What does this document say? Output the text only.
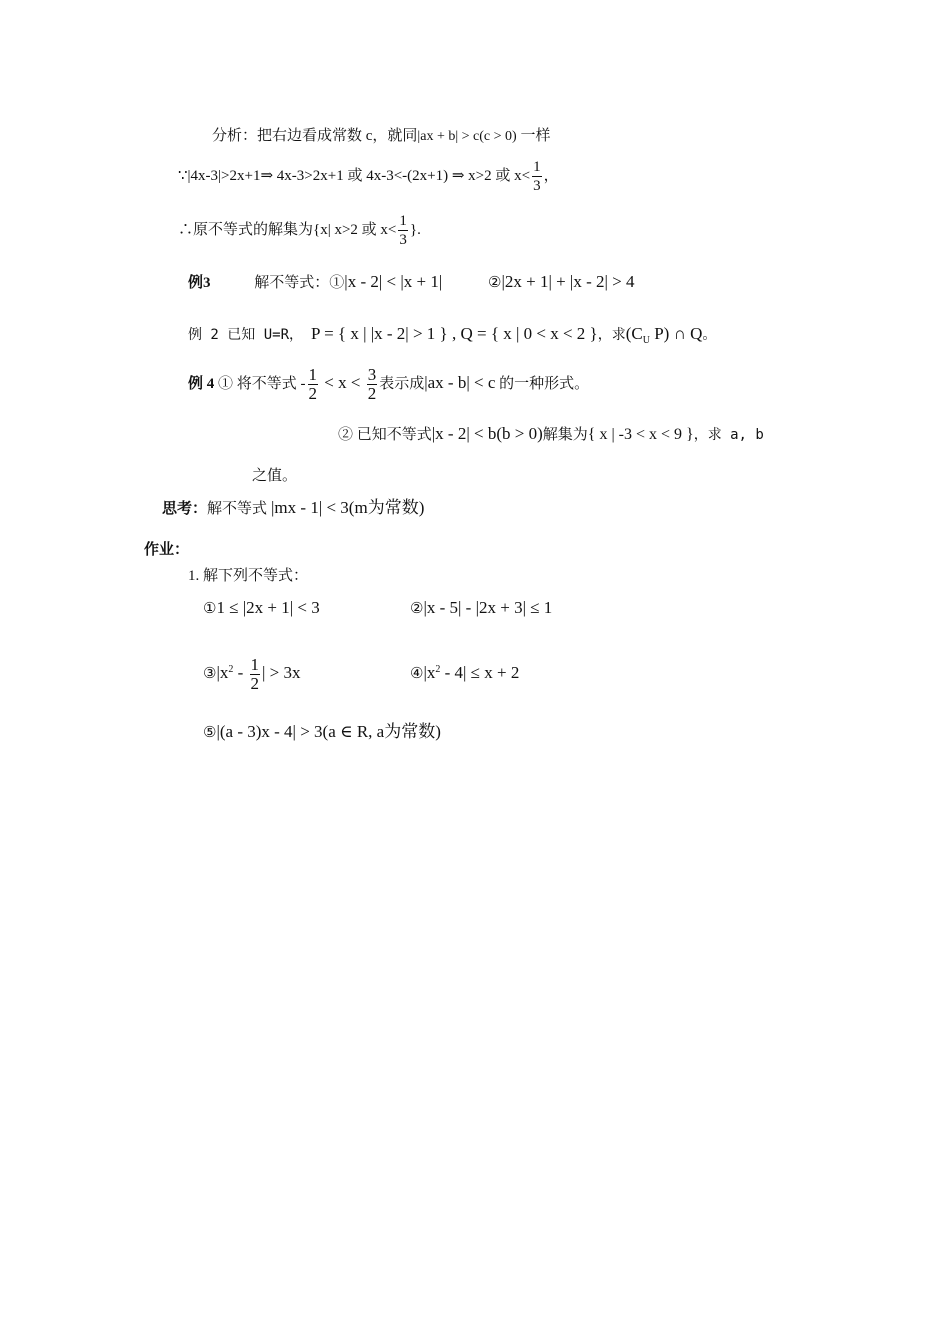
分析：把右边看成常数 c，就同|ax + b| > c(c > 0) 一样
∵|4x-3|>2x+1⇒ 4x-3>2x+1 或 4x-3<-(2x+1) ⇒ x>2 或 $x< \frac{1}{3}$ ，
∴原不等式的解集为{x| x>2 或 $x< \frac{1}{3}$ }.
例3	解不等式：①|x - 2| < |x + 1|	②|2x + 1| + |x - 2| > 4
例 2 已知 U=R， P = { x | |x - 2| > 1 } , Q = { x | 0 < x < 2 }，求($C_U$ P) ∩ Q。
例 4 ① 将不等式 - $\frac{1}{2} < x < \frac{3}{2}$ 表示成|ax - b| < c 的一种形式。
② 已知不等式|x - 2| < b(b > 0)解集为{ x | -3 < x < 9 }，求 a, b
之值。
思考：解不等式 |mx - 1| < 3(m为常数)
作业：
1. 解下列不等式：
①1 ≤ |2x + 1| < 3	②|x - 5| - |2x + 3| ≤ 1
$③|x^2 - \frac{1}{2}$ | > 3x	$④|x^2 - 4| \le x + 2$
⑤|(a - 3)x - 4| > 3(a ∈ R, a为常数)
